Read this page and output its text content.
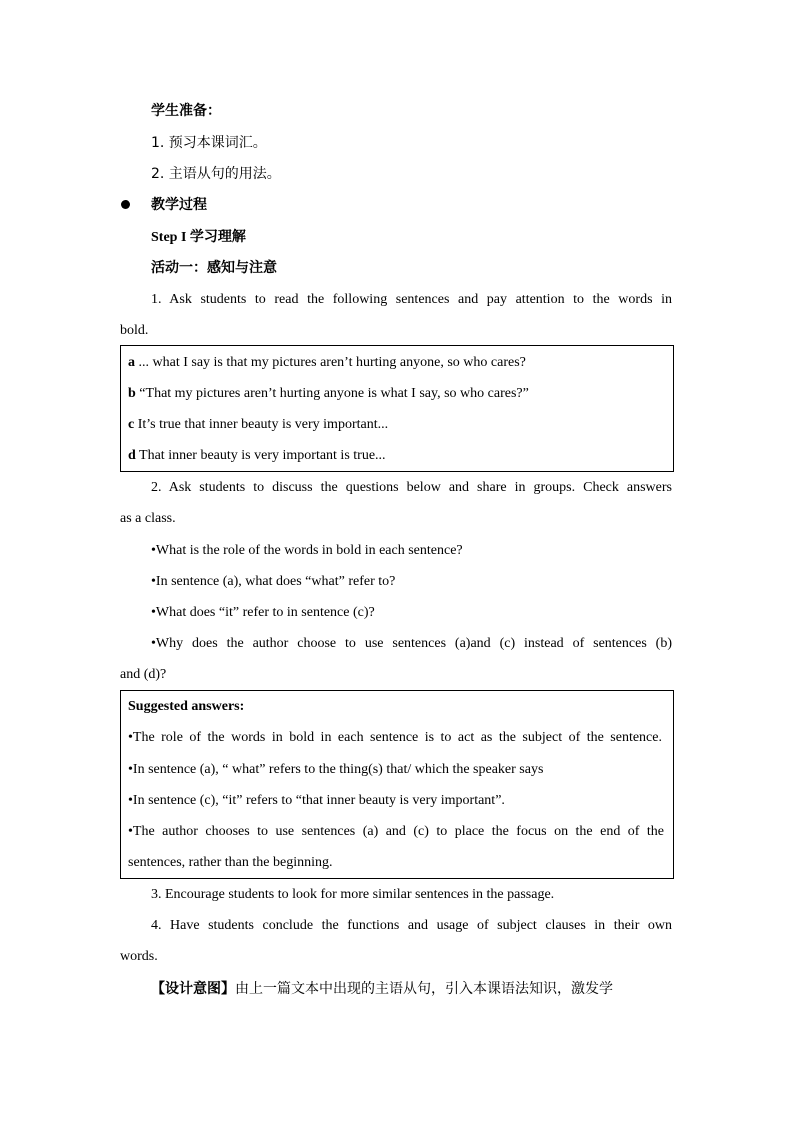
学生准备：
1. 预习本课词汇。
2. 主语从句的用法。
教学过程
Step I 学习理解
活动一：感知与注意
1. Ask students to read the following sentences and pay attention to the words in
bold.
a ... what I say is that my pictures aren’t hurting anyone, so who cares?
b “That my pictures aren’t hurting anyone is what I say, so who cares?”
c It’s true that inner beauty is very important...
d That inner beauty is very important is true...
2. Ask students to discuss the questions below and share in groups. Check answers
as a class.
•What is the role of the words in bold in each sentence?
•In sentence (a), what does “what” refer to?
•What does “it” refer to in sentence (c)?
•Why does the author choose to use sentences (a)and (c) instead of sentences (b)
and (d)?
Suggested answers:
•The role of the words in bold in each sentence is to act as the subject of the sentence.
•In sentence (a), “ what” refers to the thing(s) that/ which the speaker says
•In sentence (c), “it” refers to “that inner beauty is very important”.
•The author chooses to use sentences (a) and (c) to place the focus on the end of the
sentences, rather than the beginning.
3. Encourage students to look for more similar sentences in the passage.
4. Have students conclude the functions and usage of subject clauses in their own
words.
【设计意图】由上一篇文本中出现的主语从句，引入本课语法知识，激发学
